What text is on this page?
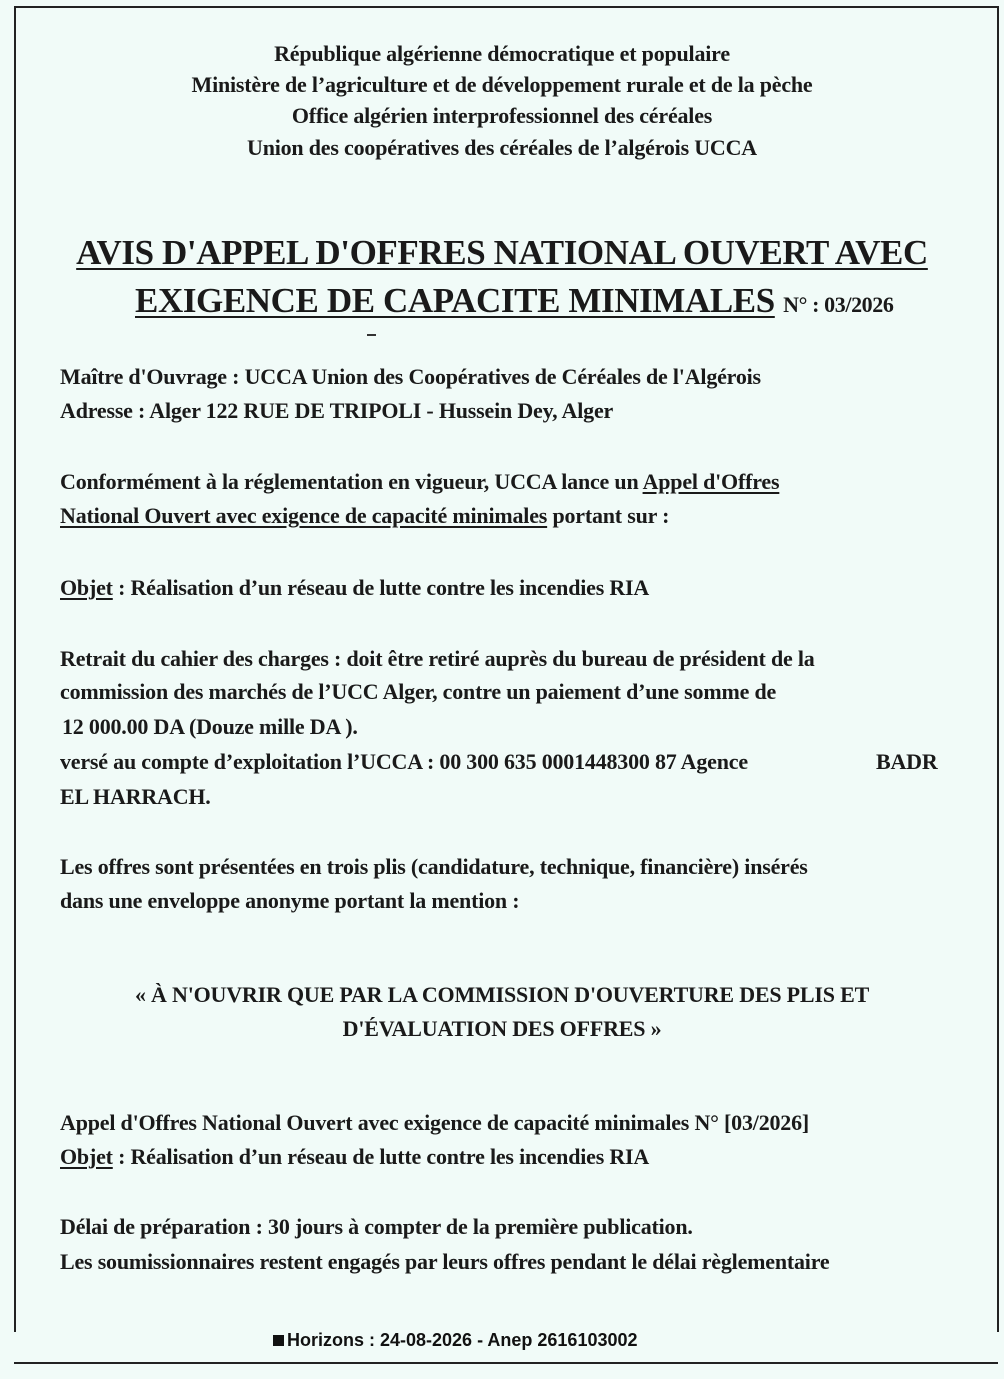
République algérienne démocratique et populaire
Ministère de l’agriculture et de développement rurale et de la pèche
Office algérien interprofessionnel des céréales
Union des coopératives des céréales de l’algérois UCCA
AVIS D'APPEL D'OFFRES NATIONAL OUVERT AVEC
EXIGENCE DE CAPACITE MINIMALES N° : 03/2026
Maître d'Ouvrage : UCCA Union des Coopératives de Céréales de l'Algérois
Adresse : Alger 122 RUE DE TRIPOLI - Hussein Dey, Alger
Conformément à la réglementation en vigueur, UCCA lance un Appel d'Offres
National Ouvert avec exigence de capacité minimales portant sur :
Objet : Réalisation d’un réseau de lutte contre les incendies RIA
Retrait du cahier des charges : doit être retiré auprès du bureau de président de la
commission des marchés de l’UCC Alger, contre un paiement d’une somme de
12 000.00 DA (Douze mille DA ).
versé au compte d’exploitation l’UCCA : 00 300 635 0001448300 87 Agence	BADR
EL HARRACH.
Les offres sont présentées en trois plis (candidature, technique, financière) insérés
dans une enveloppe anonyme portant la mention :
« À N'OUVRIR QUE PAR LA COMMISSION D'OUVERTURE DES PLIS ET
D'ÉVALUATION DES OFFRES »
Appel d'Offres National Ouvert avec exigence de capacité minimales N° [03/2026]
Objet : Réalisation d’un réseau de lutte contre les incendies RIA
Délai de préparation : 30 jours à compter de la première publication.
Les soumissionnaires restent engagés par leurs offres pendant le délai règlementaire
Horizons : 24-08-2026 - Anep 2616103002
